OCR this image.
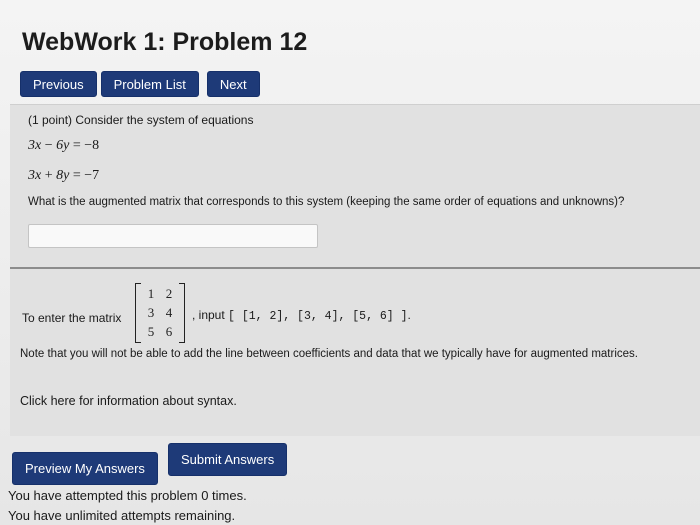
WebWork 1: Problem 12
Previous	Problem List	Next
(1 point) Consider the system of equations
3x − 6y = −8
3x + 8y = −7
What is the augmented matrix that corresponds to this system (keeping the same order of equations and unknowns)?
To enter the matrix
1 2
3 4
5 6
, input [ [1, 2], [3, 4], [5, 6] ].
Note that you will not be able to add the line between coefficients and data that we typically have for augmented matrices.
Click here for information about syntax.
Preview My Answers
Submit Answers
You have attempted this problem 0 times.
You have unlimited attempts remaining.
